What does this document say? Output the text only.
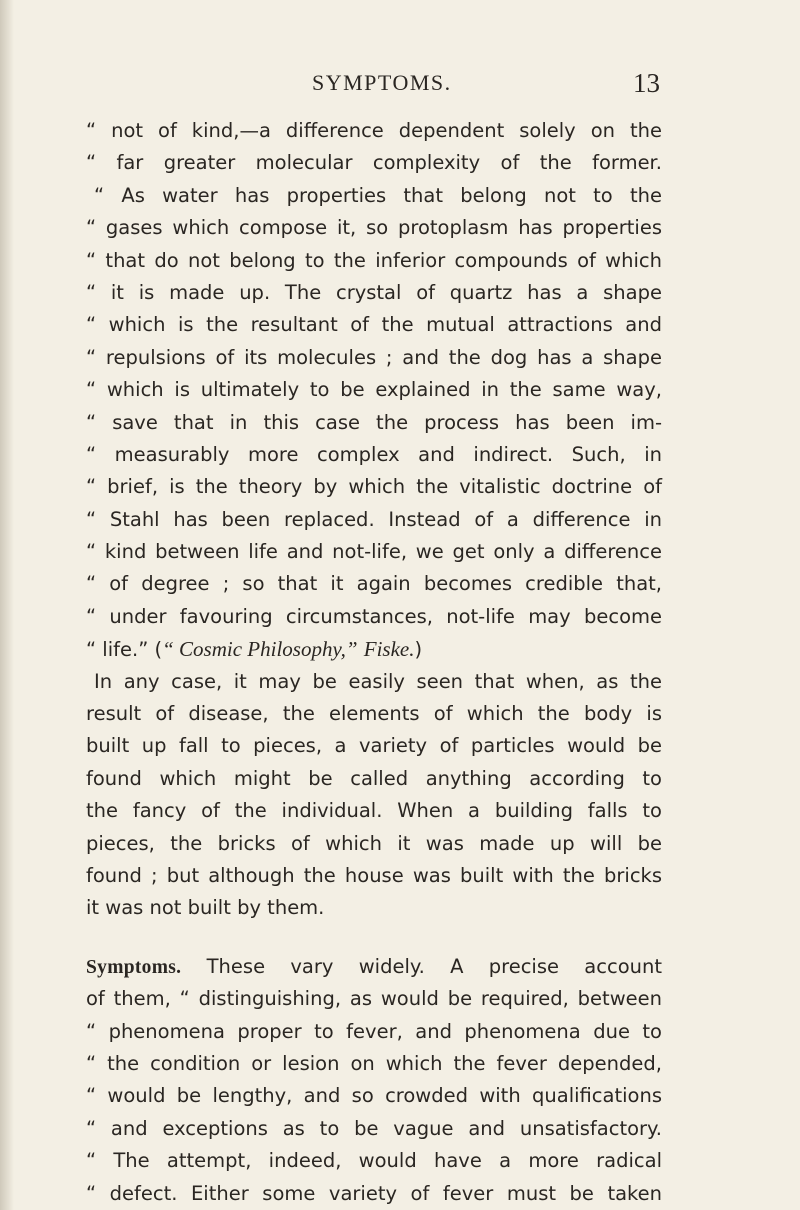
SYMPTOMS.	13
“ not of kind,—a difference dependent solely on the
“ far greater molecular complexity of the former.
“ As water has properties that belong not to the
“ gases which compose it, so protoplasm has properties
“ that do not belong to the inferior compounds of which
“ it is made up. The crystal of quartz has a shape
“ which is the resultant of the mutual attractions and
“ repulsions of its molecules ; and the dog has a shape
“ which is ultimately to be explained in the same way,
“ save that in this case the process has been im-
“ measurably more complex and indirect. Such, in
“ brief, is the theory by which the vitalistic doctrine of
“ Stahl has been replaced. Instead of a difference in
“ kind between life and not-life, we get only a difference
“ of degree ; so that it again becomes credible that,
“ under favouring circumstances, not-life may become
“ life.” (“ Cosmic Philosophy,” Fiske.)
In any case, it may be easily seen that when, as the
result of disease, the elements of which the body is
built up fall to pieces, a variety of particles would be
found which might be called anything according to
the fancy of the individual. When a building falls to
pieces, the bricks of which it was made up will be
found ; but although the house was built with the bricks
it was not built by them.
Symptoms. These vary widely. A precise account
of them, “ distinguishing, as would be required, between
“ phenomena proper to fever, and phenomena due to
“ the condition or lesion on which the fever depended,
“ would be lengthy, and so crowded with qualifications
“ and exceptions as to be vague and unsatisfactory.
“ The attempt, indeed, would have a more radical
“ defect. Either some variety of fever must be taken
